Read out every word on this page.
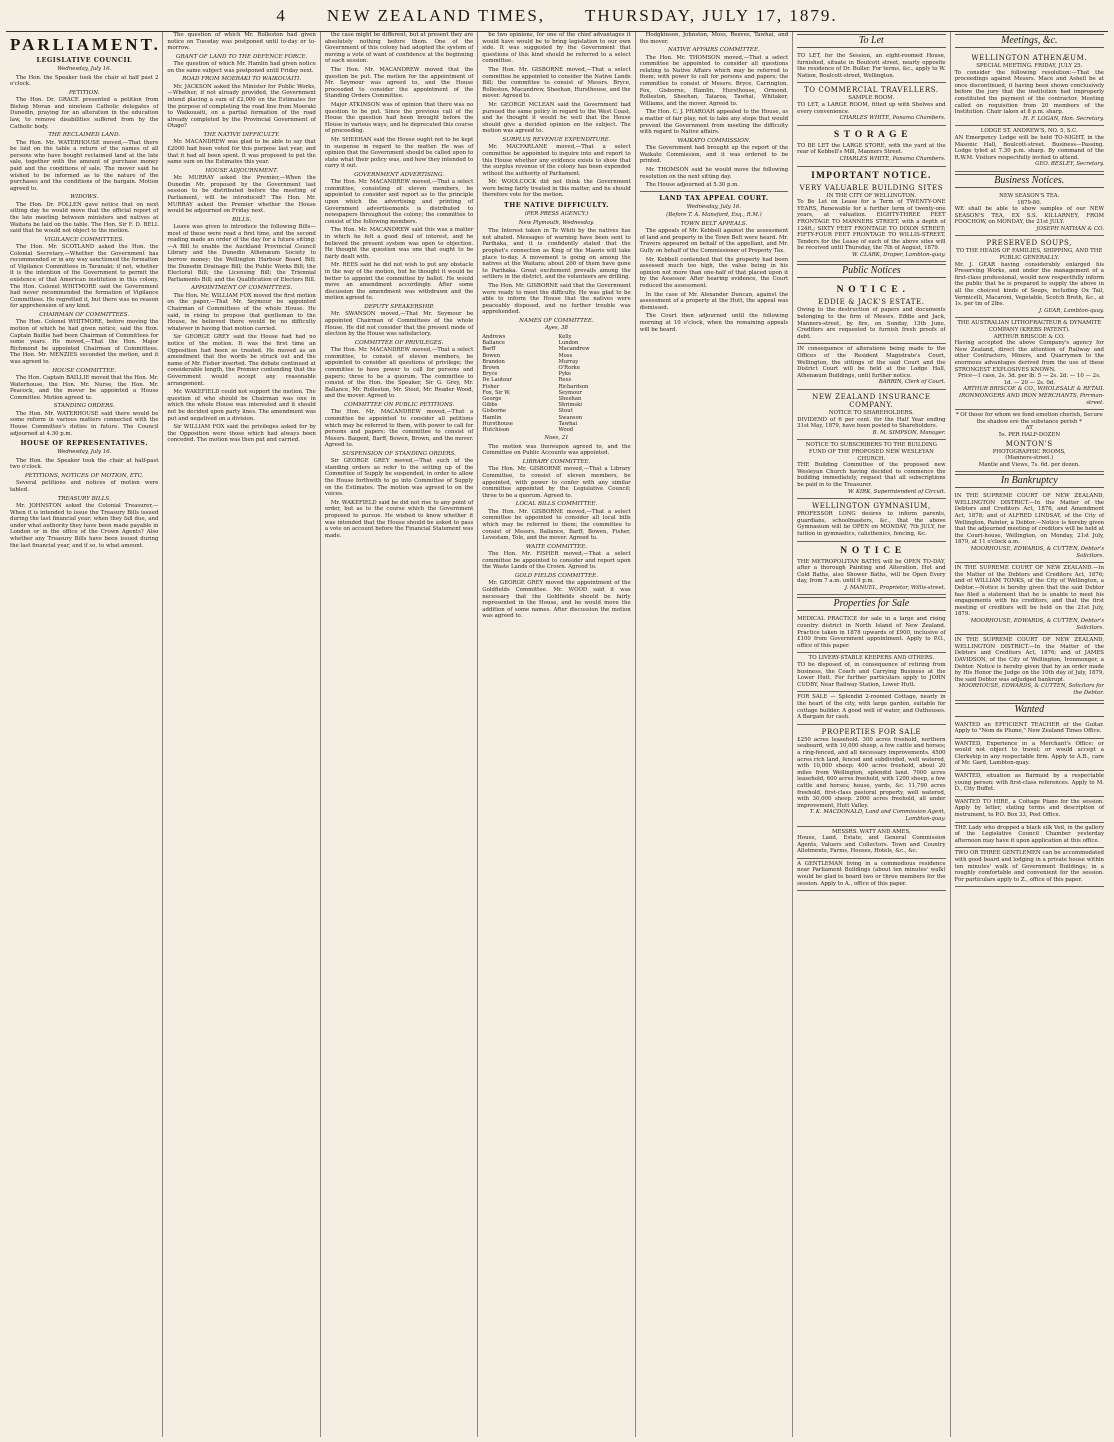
4 NEW ZEALAND TIMES, THURSDAY, JULY 17, 1879.
PARLIAMENT.
LEGISLATIVE COUNCIL
Wednesday, July 16.

The Hon. the Speaker took the chair at half past 2 o'clock.

PETITION.

The Hon. Dr. GRACE presented a petition from Bishop Moran and nineteen Catholic delegates of Dunedin, praying for an alteration in the education law, to remove disabilities suffered from by the Catholic body.

THE RECLAIMED LAND.

The Hon. Mr. WATERHOUSE moved,—That there be laid on the table a return of the names of all persons who have bought reclaimed land at the late sale, together with the amount of purchase money paid and the conditions of sale. The mover said he wished to be informed as to the nature of the purchases and the conditions of the bargain. Motion agreed to.

WIDOWS.

The Hon. Dr. POLLEN gave notice that on next sitting day he would move that the official report of the late meeting between ministers and natives at Waitara be laid on the table. The Hon. Sir F. D. BELL said that he would not object to the motion.

VIGILANCE COMMITTEES.

The Hon. Mr. SCOTLAND asked the Hon. the Colonial Secretary,—Whether the Government has recommended or in any way sanctioned the formation of Vigilance Committees in Taranaki; if not, whether it is the intention of the Government to permit the existence of that American institution in this colony. The Hon. Colonel WHITMORE said the Government had never recommended the formation of Vigilance Committees. He regretted it, but there was no reason for apprehension of any kind.

CHAIRMAN OF COMMITTEES.

The Hon. Colonel WHITMORE, before moving the motion of which he had given notice, said the Hon. Captain Baillie had been Chairman of Committees for some years. He moved,—That the Hon. Major Richmond be appointed Chairman of Committees. The Hon. Mr. MENZIES seconded the motion, and it was agreed to.

HOUSE COMMITTEE.

The Hon. Captain BAILLIE moved that the Hon. Mr. Waterhouse, the Hon. Mr. Nurse, the Hon. Mr. Peacock, and the mover be appointed a House Committee. Motion agreed to.

STANDING ORDERS.

The Hon. Mr. WATERHOUSE said there would be some reform in various matters connected with the House Committee's duties in future. The Council adjourned at 4.30 p.m.

HOUSE OF REPRESENTATIVES.
Wednesday, July 16.

The Hon. the Speaker took the chair at half-past two o'clock.

PETITIONS, NOTICES OF MOTION, ETC.

Several petitions and notices of motion were tabled.

TREASURY BILLS.

Mr. JOHNSTON asked the Colonial Treasurer,—When it is intended to issue the Treasury Bills issued during the last financial year; when they fall due, and under what authority they have been made payable in London or in the office of the Crown Agents? Also whether any Treasury Bills have been issued during the last financial year, and if so, to what amount.

The question of which Mr. Rolleston had given notice on Tuesday was postponed until to-day or to-morrow.

GRANT OF LAND TO THE DEFENCE FORCE.

The question of which Mr. Hamlin had given notice on the same subject was postponed until Friday next.

ROAD FROM MOERAKI TO WAIKOUAITI.

Mr. JACKSON asked the Minister for Public Works,—Whether, if not already provided, the Government intend placing a sum of £2,000 on the Estimates for the purpose of completing the road line from Moeraki to Waikouaiti, on a partial formation of the road already completed by the Provincial Government of Otago?

THE NATIVE DIFFICULTY.

Mr. MACANDREW was glad to be able to say that £2000 had been voted for this purpose last year, and that it had all been spent. It was proposed to put the same sum on the Estimates this year.

HOUSE ADJOURNMENT.

Mr. MURRAY asked the Premier,—When the Dunedin Mr. proposed by the Government last session to be distributed before the meeting of Parliament, will be introduced? The Hon. Mr. MURRAY asked the Premier whether the House would be adjourned on Friday next.

BILLS.

Leave was given to introduce the following Bills—most of these were read a first time, and the second reading made an order of the day for a future sitting:—A Bill to enable the Auckland Provincial Council Library and the Dunedin Athenæum Society to borrow money; the Wellington Harbour Board Bill; the Dunedin Drainage Bill; the Public Works Bill; the Electoral Bill; the Licensing Bill; the Triennial Parliaments Bill; and the Qualification of Electors Bill.

APPOINTMENT OF COMMITTEES.

The Hon. Mr. WILLIAM FOX moved the first motion on the paper,—That Mr. Seymour be appointed Chairman of Committees of the whole House. He said, in rising to propose that gentleman to the House, he believed there would be no difficulty whatever in having that motion carried.

Sir GEORGE GREY said the House had had no notice of the motion. It was the first time an Opposition had been so treated. He moved as an amendment that the words be struck out and the name of Mr. Fisher inserted. The debate continued at considerable length, the Premier contending that the Government would accept any reasonable arrangement.

Mr. WAKEFIELD could not support the motion. The question of who should be Chairman was one in which the whole House was interested and it should not be decided upon party lines. The amendment was put and negatived on a division.

Sir WILLIAM FOX said the privileges asked for by the Opposition were those which had always been conceded. The motion was then put and carried.

the case might be different, but at present they are absolutely nothing before them. One of the Government of this colony had adopted the system of moving a vote of want of confidence at the beginning of each session.

The Hon. Mr. MACANDREW moved that the question be put. The motion for the appointment of Mr. Seymour was agreed to, and the House proceeded to consider the appointment of the Standing Orders Committee.

Major ATKINSON was of opinion that there was no question to be put. Since the previous call of the House the question had been brought before the House in various ways, and he deprecated this course of proceeding.

Mr. SHEEHAN said the House ought not to be kept in suspense in regard to the matter. He was of opinion that the Government should be called upon to state what their policy was, and how they intended to carry it out.

GOVERNMENT ADVERTISING.

The Hon. Mr. MACANDREW moved,—That a select committee, consisting of eleven members, be appointed to consider and report as to the principle upon which the advertising and printing of Government advertisements is distributed to newspapers throughout the colony; the committee to consist of the following members.

The Hon. Mr. MACANDREW said this was a matter in which he felt a good deal of interest, and he believed the present system was open to objection. He thought the question was one that ought to be fairly dealt with.

Mr. REES said he did not wish to put any obstacle in the way of the motion, but he thought it would be better to appoint the committee by ballot. He would move an amendment accordingly. After some discussion the amendment was withdrawn and the motion agreed to.

DEPUTY SPEAKERSHIP.

Mr. SWANSON moved,—That Mr. Seymour be appointed Chairman of Committees of the whole House. He did not consider that the present mode of election by the House was satisfactory.

COMMITTEE OF PRIVILEGES.

The Hon. Mr. MACANDREW moved,—That a select committee, to consist of eleven members, be appointed to consider all questions of privilege; the committee to have power to call for persons and papers; three to be a quorum. The committee to consist of the Hon. the Speaker, Sir G. Grey, Mr. Ballance, Mr. Rolleston, Mr. Stout, Mr. Reader Wood, and the mover. Agreed to.

COMMITTEE ON PUBLIC PETITIONS.

The Hon. Mr. MACANDREW moved,—That a committee be appointed to consider all petitions which may be referred to them, with power to call for persons and papers; the committee to consist of Messrs. Baigent, Barff, Bowen, Brown, and the mover. Agreed to.

SUSPENSION OF STANDING ORDERS.

Sir GEORGE GREY moved,—That such of the standing orders as refer to the setting up of the Committee of Supply be suspended, in order to allow the House forthwith to go into Committee of Supply on the Estimates. The motion was agreed to on the voices.

Mr. WAKEFIELD said he did not rise to any point of order, but as to the course which the Government proposed to pursue. He wished to know whether it was intended that the House should be asked to pass a vote on account before the Financial Statement was made.

be two opinions, for one of the chief advantages it would have would be to bring legislation to our own side. It was suggested by the Government that questions of this kind should be referred to a select committee.

The Hon. Mr. GISBORNE moved,—That a select committee be appointed to consider the Native Lands Bill; the committee to consist of Messrs. Bryce, Rolleston, Macandrew, Sheehan, Hursthouse, and the mover. Agreed to.

Mr. GEORGE MCLEAN said the Government had pursued the same policy in regard to the West Coast, and he thought it would be well that the House should give a decided opinion on the subject. The motion was agreed to.

SURPLUS REVENUE EXPENDITURE.

Mr. MACFARLANE moved,—That a select committee be appointed to inquire into and report to this House whether any evidence exists to show that the surplus revenue of the colony has been expended without the authority of Parliament.

Mr. WOOLCOCK did not think the Government were being fairly treated in this matter, and he should therefore vote for the motion.

THE NATIVE DIFFICULTY.
(PER PRESS AGENCY.)
New Plymouth, Wednesday.

The Interest taken in Te Whiti by the natives has not abated. Messages of warning have been sent to Parihaka, and it is confidently stated that the prophet's connection as King of the Maoris will take place to-day. A movement is going on among the natives at the Waitara; about 200 of them have gone to Parihaka. Great excitement prevails among the settlers in the district, and the volunteers are drilling.

The Hon. Mr. GISBORNE said that the Government were ready to meet the difficulty. He was glad to be able to inform the House that the natives were peaceably disposed, and no further trouble was apprehended.

NAMES OF COMMITTEE.
Ayes, 38
Andrews
Ballance
Barff
Bowen
Brandon
Brown
Bryce
De Lautour
Fisher
Fox, Sir W.
George
Gibbs
Gisborne
Hamlin
Hursthouse
Hutchison
Kelly
Lundon
Macandrew
Moss
Murray
O'Rorke
Pyke
Rees
Richardson
Seymour
Sheehan
Shrimski
Stout
Swanson
Tawhai
Wood
Noes, 21

The motion was thereupon agreed to, and the Committee on Public Accounts was appointed.

LIBRARY COMMITTEE.

The Hon. Mr. GISBORNE moved,—That a Library Committee, to consist of eleven members, be appointed, with power to confer with any similar committee appointed by the Legislative Council; three to be a quorum. Agreed to.

LOCAL BILLS COMMITTEE.

The Hon. Mr. GISBORNE moved,—That a select committee be appointed to consider all local bills which may be referred to them; the committee to consist of Messrs. Ballance, Barff, Bowen, Fisher, Levestam, Tole, and the mover. Agreed to.

WAITE COMMITTEE.

The Hon. Mr. FISHER moved,—That a select committee be appointed to consider and report upon the Waste Lands of the Crown. Agreed to.

GOLD FIELDS COMMITTEE.

Mr. GEORGE GREY moved the appointment of the Goldfields Committee. Mr. WOOD said it was necessary that the Goldfields should be fairly represented in the House, and he would move the addition of some names. After discussion the motion was agreed to.

Hodgkinson, Johnston, Moss, Reeves, Tawhai, and the mover.

NATIVE AFFAIRS COMMITTEE.

The Hon. Mr. THOMSON moved,—That a select committee be appointed to consider all questions relating to Native Affairs which may be referred to them; with power to call for persons and papers; the committee to consist of Messrs. Bryce, Carrington, Fox, Gisborne, Hamlin, Hursthouse, Ormond, Rolleston, Sheehan, Taiaroa, Tawhai, Whitaker, Williams, and the mover. Agreed to.

The Hon. C. J. PHAROAH appealed to the House, as a matter of fair play, not to take any steps that would prevent the Government from meeting the difficulty with regard to Native affairs.

WAIKATO COMMISSION.

The Government had brought up the report of the Waikato Commission, and it was ordered to be printed.

Mr. THOMSON said he would move the following resolution on the next sitting day.

The House adjourned at 5.30 p.m.

LAND TAX APPEAL COURT.
Wednesday, July 16.
(Before T. A. Mansford, Esq., R.M.)
TOWN BELT APPEALS.

The appeals of Mr. Kebbell against the assessment of land and property in the Town Belt were heard. Mr. Travers appeared on behalf of the appellant, and Mr. Gully on behalf of the Commissioner of Property Tax.

Mr. Kebbell contended that the property had been assessed much too high, the value being in his opinion not more than one-half of that placed upon it by the Assessor. After hearing evidence, the Court reduced the assessment.

In the case of Mr. Alexander Duncan, against the assessment of a property at the Hutt, the appeal was dismissed.

The Court then adjourned until the following morning at 10 o'clock, when the remaining appeals will be heard.

To Let
TO LET, for the Session, an eight-roomed House, furnished, situate in Boulcott street, nearly opposite the residence of Dr. Buller. For terms, &c., apply to W. Nation, Boulcott-street, Wellington.
TO COMMERCIAL TRAVELLERS.
SAMPLE ROOM.
TO LET, a LARGE ROOM, fitted up with Shelves and every convenience.
CHARLES WHITE, Panama Chambers.
S T O R A G E
TO BE LET the LARGE STORE, with the yard at the rear of Kebbell's Mill, Manners Street.
CHARLES WHITE, Panama Chambers.
IMPORTANT NOTICE.
VERY VALUABLE BUILDING SITES
IN THE CITY OF WELLINGTON.
To Be Let on Lease for a Term of TWENTY-ONE YEARS, Renewable for a further term of twenty-one years, at valuation. EIGHTY-THREE FEET FRONTAGE TO MANNERS STREET, with a depth of 124ft.; SIXTY FEET FRONTAGE TO DIXON STREET; FIFTY-FOUR FEET FRONTAGE TO WILLIS-STREET. Tenders for the Lease of each of the above sites will be received until Thursday, the 7th of August, 1879.
W. CLARK, Draper, Lambton-quay.
Public Notices
N O T I C E .
EDDIE & JACK'S ESTATE.
Owing to the destruction of papers and documents belonging to the firm of Messrs. Eddie and Jack, Manners-street, by fire, on Sunday, 13th June, Creditors are requested to furnish fresh proofs of debt.
IN consequence of alterations being made to the Offices of the Resident Magistrate's Court, Wellington, the sittings of the said Court and the District Court will be held at the Lodge Hall, Athenæum Buildings, until further notice.
BARRIN, Clerk of Court.
NEW ZEALAND INSURANCE COMPANY.
NOTICE TO SHAREHOLDERS.
DIVIDEND of 6 per cent. for the Half Year ending 31st May, 1879, have been posted to Shareholders.
B. M. SIMPSON, Manager.
NOTICE TO SUBSCRIBERS TO THE BUILDING FUND OF THE PROPOSED NEW WESLEYAN CHURCH.
THE Building Committee of the proposed new Wesleyan Church having decided to commence the building immediately, request that all subscriptions be paid in to the Treasurer.
W. KIRK, Superintendent of Circuit.
WELLINGTON GYMNASIUM,
PROFESSOR LONG desires to inform parents, guardians, schoolmasters, &c., that the above Gymnasium will be OPEN on MONDAY, 7th JULY, for tuition in gymnastics, calisthenics, fencing, &c.
N O T I C E
THE METROPOLITAN BATHS will be OPEN TO-DAY, after a thorough Painting and Alteration. Hot and Cold Baths, also Shower Baths, will be Open Every day, from 7 a.m. until 9 p.m.
J. MANUEL, Proprietor, Willis-street.
Properties for Sale
MEDICAL PRACTICE for sale in a large and rising country district in North Island of New Zealand. Practice taken in 1878 upwards of £900, inclusive of £100 from Government appointment. Apply to P.O., office of this paper.
TO LIVERY-STABLE KEEPERS AND OTHERS.
TO be disposed of, in consequence of retiring from business, the Coach and Carrying Business at the Lower Hutt. For further particulars apply to JOHN CUDBY, Near Railway Station, Lower Hutt.
FOR SALE — Splendid 2-roomed Cottage, nearly in the heart of the city, with large garden, suitable for cottage builder. A good well of water, and Outhouses. A Bargain for cash.
PROPERTIES FOR SALE
£250 acres leasehold. 300 acres freehold, northern seaboard, with 10,000 sheep, a few cattle and horses; a ring-fenced, and all necessary improvements. 4500 acres rich land, fenced and subdivided, well watered, with 10,000 sheep; 400 acres freehold, about 20 miles from Wellington, splendid land. 7000 acres leasehold, 600 acres freehold, with 1200 sheep, a few cattle and horses; house, yards, &c. 11,790 acres freehold, first-class pastoral property, well watered, with 30,000 sheep. 2000 acres freehold, all under improvement, Hutt Valley.
T. K. MACDONALD, Land and Commission Agent, Lambton-quay.
MESSRS. WATT AND AMES,
House, Land, Estate, and General Commission Agents, Valuers and Collectors. Town and Country Allotments, Farms, Houses, Hotels, &c., &c.
A GENTLEMAN living in a commodious residence near Parliament Buildings (about ten minutes' walk) would be glad to board two or three members for the session. Apply to A., office of this paper.
Meetings, &c.
WELLINGTON ATHENÆUM.
SPECIAL MEETING. FRIDAY, JULY 25.
To consider the following resolution:—That the proceedings against Messrs. Mace and Ashell be at once discontinued, it having been shown conclusively before the jury that the institution had improperly constituted the payment of the contractor. Meeting called on requisition from 20 members of the Institution. Chair taken at 8 p.m. sharp.
H. F. LOGAN, Hon. Secretary.
LODGE ST. ANDREW'S, NO. 5, S.C.
AN Emergency Lodge will be held TO-NIGHT, in the Masonic Hall, Boulcott-street. Business—Passing. Lodge tyled at 7.30 p.m. sharp. By command of the R.W.M. Visitors respectfully invited to attend.
GEO. BESLEY, Secretary.
Business Notices.
NEW SEASON'S TEA.
1879-80.
WE shall be able to show samples of our NEW SEASON'S TEA, EX S.S. KILLARNEY, FROM FOOCHOW, on MONDAY, the 21st JULY.
JOSEPH NATHAN & CO.
PRESERVED SOUPS,
TO THE HEADS OF FAMILIES, SHIPPING, AND THE PUBLIC GENERALLY.
Mr. J. GEAR having considerably enlarged his Preserving Works, and under the management of a first-class professional, would now respectfully inform the public that he is prepared to supply the above in all the choicest kinds of Soups, including Ox Tail, Vermicelli, Macaroni, Vegetable, Scotch Broth, &c., at 1s. per tin of 2lbs.
J. GEAR, Lambton-quay.
THE AUSTRALIAN LITHOFRACTEUR & DYNAMITE COMPANY (KREBS PATENT).
ARTHUR BRISCOE & CO.
Having accepted the above Company's agency for New Zealand, direct the attention of Railway and other Contractors, Miners, and Quarrymen to the enormous advantages derived from the use of these STRONGEST EXPLOSIVES KNOWN.
Price—1 case, 2s. 3d. per lb. 5 — 2s. 2d. — 10 — 2s. 1d. — 20 — 2s. 0d.
ARTHUR BRISCOE & CO., WHOLESALE & RETAIL IRONMONGERS AND IRON MERCHANTS, Pirrman-street.
* Of those for whom we fond emotion cherish, Secure the shadow ere the substance perish *
AT
5s. PER HALF-DOZEN
MONTON'S
PHOTOGRAPHIC ROOMS,
(Manners-street.)
Mantle and Views, 7s. 6d. per dozen.
In Bankruptcy
IN THE SUPREME COURT OF NEW ZEALAND, WELLINGTON DISTRICT.—In the Matter of the Debtors and Creditors Act, 1876, and Amendment Act, 1878; and of ALFRED LINDSAY, of the City of Wellington, Painter, a Debtor.—Notice is hereby given that the adjourned meeting of creditors will be held at the Court-house, Wellington, on Monday, 21st July, 1879, at 11 o'clock a.m.
MOORHOUSE, EDWARDS, & CUTTEN, Debtor's Solicitors.
IN THE SUPREME COURT OF NEW ZEALAND.—In the Matter of the Debtors and Creditors Act, 1876; and of WILLIAM TONKS, of the City of Wellington, a Debtor.—Notice is hereby given that the said Debtor has filed a statement that he is unable to meet his engagements with his creditors, and that the first meeting of creditors will be held on the 21st July, 1879.
MOORHOUSE, EDWARDS, & CUTTEN, Debtor's Solicitors.
IN THE SUPREME COURT OF NEW ZEALAND, WELLINGTON DISTRICT.—In the Matter of the Debtors and Creditors Act, 1876; and of JAMES DAVIDSON, of the City of Wellington, Ironmonger, a Debtor. Notice is hereby given that by an order made by His Honor the Judge on the 10th day of July, 1879, the said Debtor was adjudged bankrupt.
MOORHOUSE, EDWARDS, & CUTTEN, Solicitors for the Debtor.
Wanted
WANTED an EFFICIENT TEACHER of the Guitar. Apply to "Nom de Plume," New Zealand Times Office.
WANTED, Experience in a Merchant's Office: or would not object to travel; or would accept a Clerkship in any respectable firm. Apply to A.B., care of Mr. Gard, Lambton-quay.
WANTED, situation as Barmaid by a respectable young person; with first-class references. Apply to M. D., City Buffet.
WANTED TO HIRE, a Cottage Piano for the session. Apply by letter, stating terms and description of instrument, to P.O. Box 33, Post Office.
THE Lady who dropped a black silk Veil, in the gallery of the Legislative Council Chamber yesterday afternoon may have it upon application at this office.
TWO OR THREE GENTLEMEN can be accommodated with good board and lodging in a private house within ten minutes' walk of Government Buildings; in a roughly comfortable and convenient for the session. For particulars apply to Z., office of this paper.
